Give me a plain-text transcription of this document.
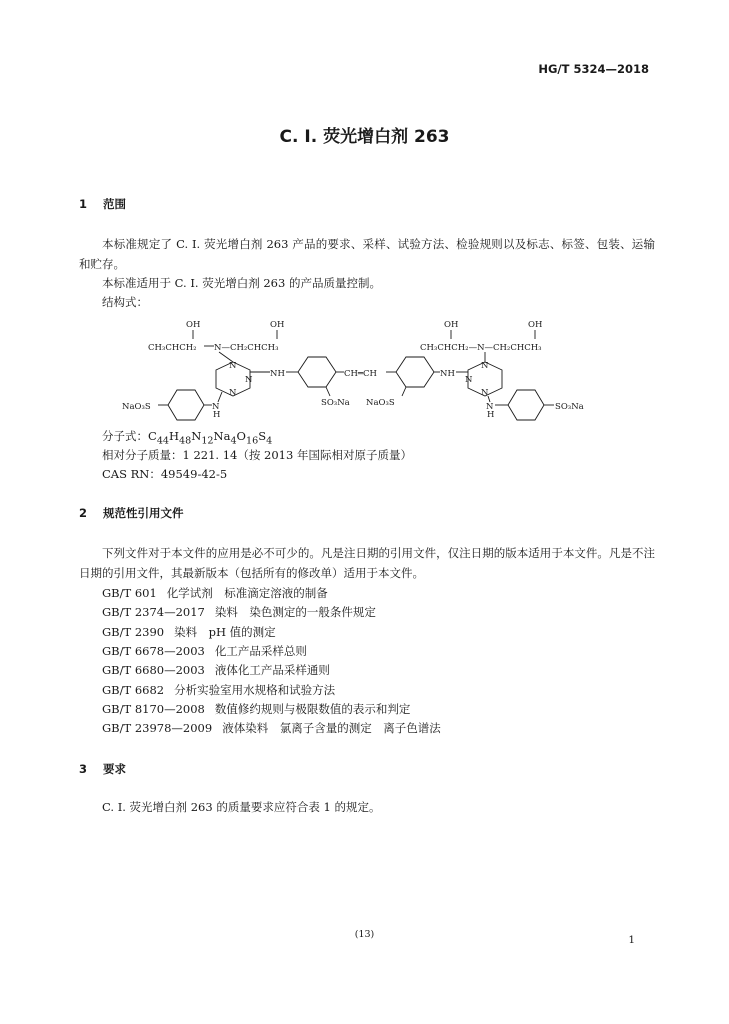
HG/T 5324—2018
C. I. 荧光增白剂 263
1 范围
本标准规定了 C. I. 荧光增白剂 263 产品的要求、采样、试验方法、检验规则以及标志、标签、包装、运输和贮存。
本标准适用于 C. I. 荧光增白剂 263 的产品质量控制。
结构式：
OH
CH₃CHCH₂ N—CH₂CHCH₃
OH
N
N
N
NH
N
H
NaO₃S	SO₃Na
CH═CH
NaO₃S
NH
N
N
N
OH
CH₃CHCH₂—N—CH₂CHCH₃
OH
N
H
SO₃Na
分子式：$C_{44}H_{48}N_{12}Na_4O_{16}S_4$
相对分子质量：1 221. 14（按 2013 年国际相对原子质量）
CAS RN：49549-42-5
2 规范性引用文件
下列文件对于本文件的应用是必不可少的。凡是注日期的引用文件，仅注日期的版本适用于本文件。凡是不注日期的引用文件，其最新版本（包括所有的修改单）适用于本文件。
GB/T 601 化学试剂　标准滴定溶液的制备
GB/T 2374—2017 染料　染色测定的一般条件规定
GB/T 2390 染料　pH 值的测定
GB/T 6678—2003 化工产品采样总则
GB/T 6680—2003 液体化工产品采样通则
GB/T 6682 分析实验室用水规格和试验方法
GB/T 8170—2008 数值修约规则与极限数值的表示和判定
GB/T 23978—2009 液体染料　氯离子含量的测定　离子色谱法
3 要求
C. I. 荧光增白剂 263 的质量要求应符合表 1 的规定。
(13)	1
